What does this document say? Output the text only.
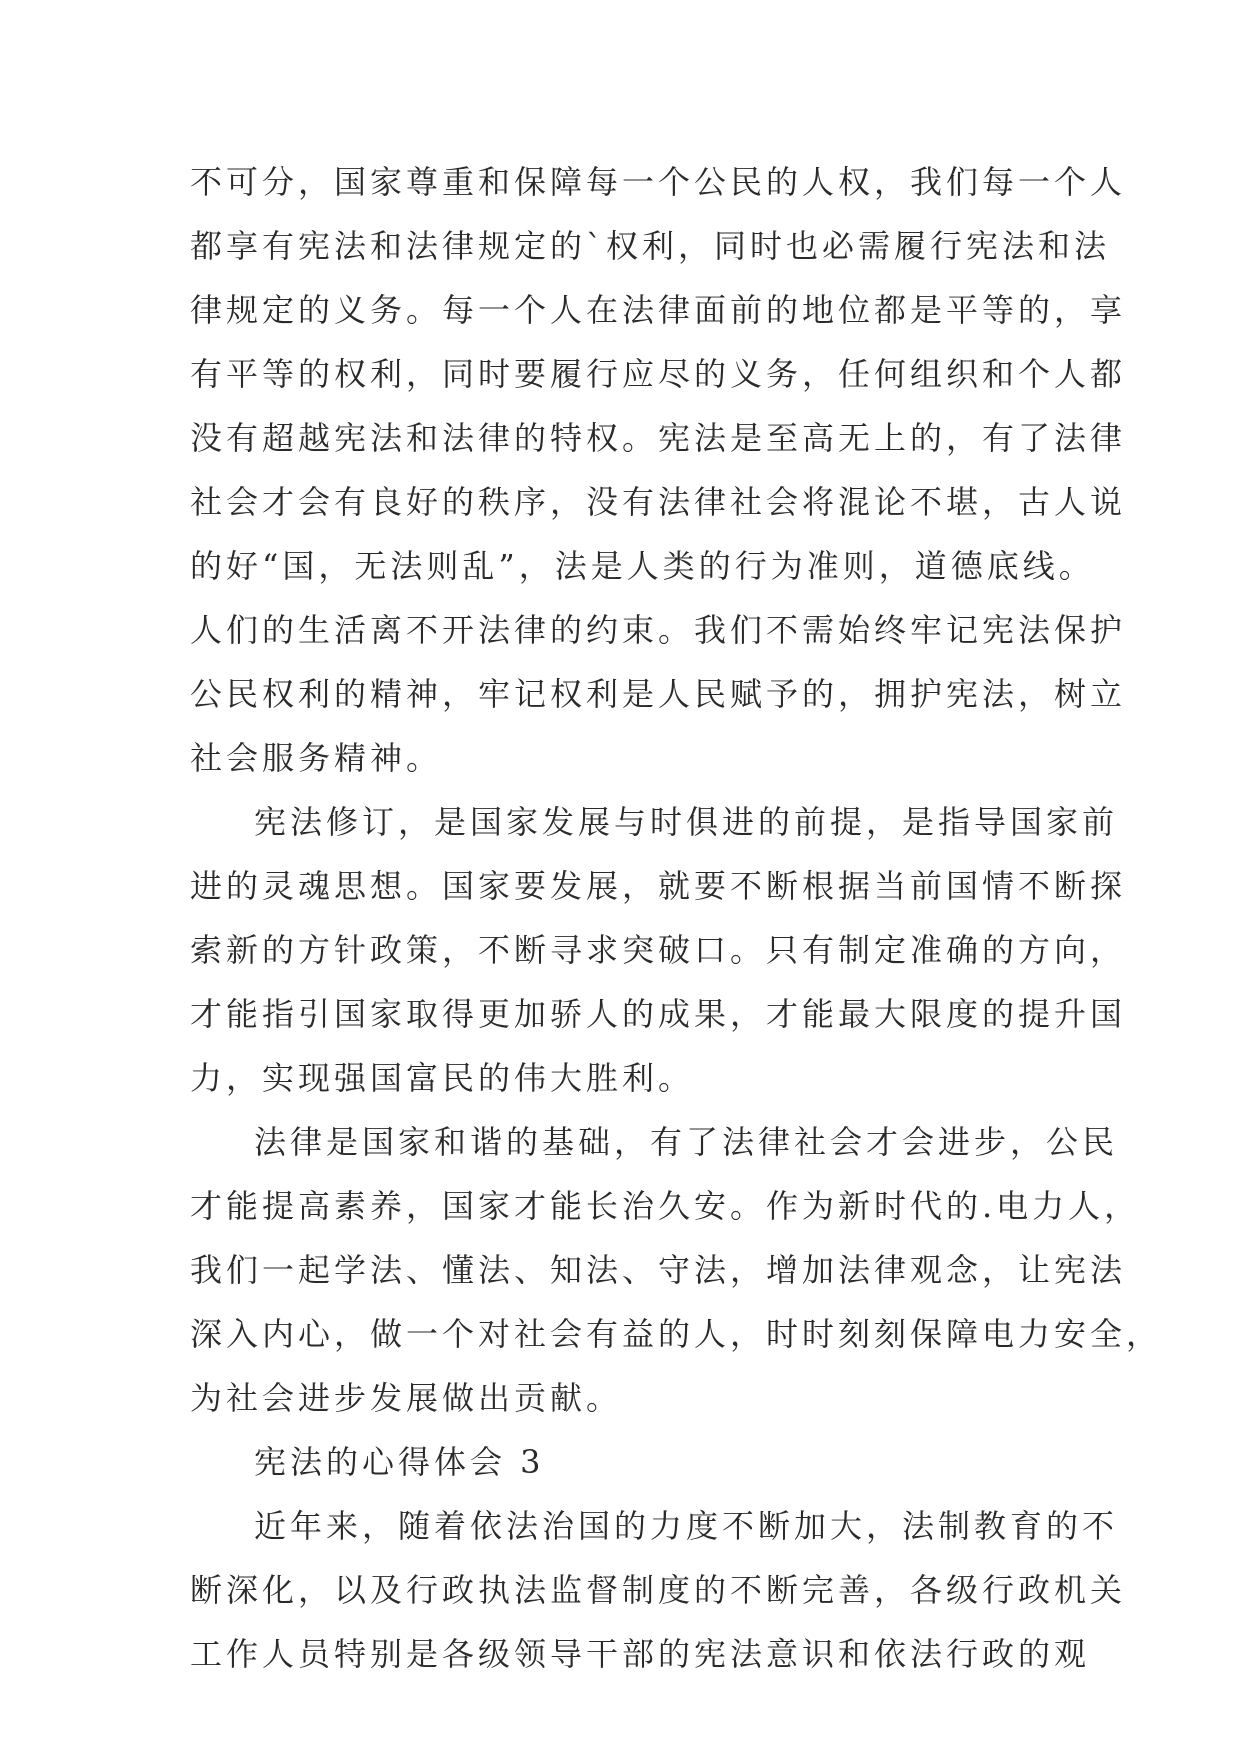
不可分，国家尊重和保障每一个公民的人权，我们每一个人
都享有宪法和法律规定的`权利，同时也必需履行宪法和法
律规定的义务。每一个人在法律面前的地位都是平等的，享
有平等的权利，同时要履行应尽的义务，任何组织和个人都
没有超越宪法和法律的特权。宪法是至高无上的，有了法律
社会才会有良好的秩序，没有法律社会将混论不堪，古人说
的好“国，无法则乱”，法是人类的行为准则，道德底线。
人们的生活离不开法律的约束。我们不需始终牢记宪法保护
公民权利的精神，牢记权利是人民赋予的，拥护宪法，树立
社会服务精神。
宪法修订，是国家发展与时俱进的前提，是指导国家前
进的灵魂思想。国家要发展，就要不断根据当前国情不断探
索新的方针政策，不断寻求突破口。只有制定准确的方向，
才能指引国家取得更加骄人的成果，才能最大限度的提升国
力，实现强国富民的伟大胜利。
法律是国家和谐的基础，有了法律社会才会进步，公民
才能提高素养，国家才能长治久安。作为新时代的.电力人，
我们一起学法、懂法、知法、守法，增加法律观念，让宪法
深入内心，做一个对社会有益的人，时时刻刻保障电力安全，
为社会进步发展做出贡献。
宪法的心得体会 3
近年来，随着依法治国的力度不断加大，法制教育的不
断深化，以及行政执法监督制度的不断完善，各级行政机关
工作人员特别是各级领导干部的宪法意识和依法行政的观
